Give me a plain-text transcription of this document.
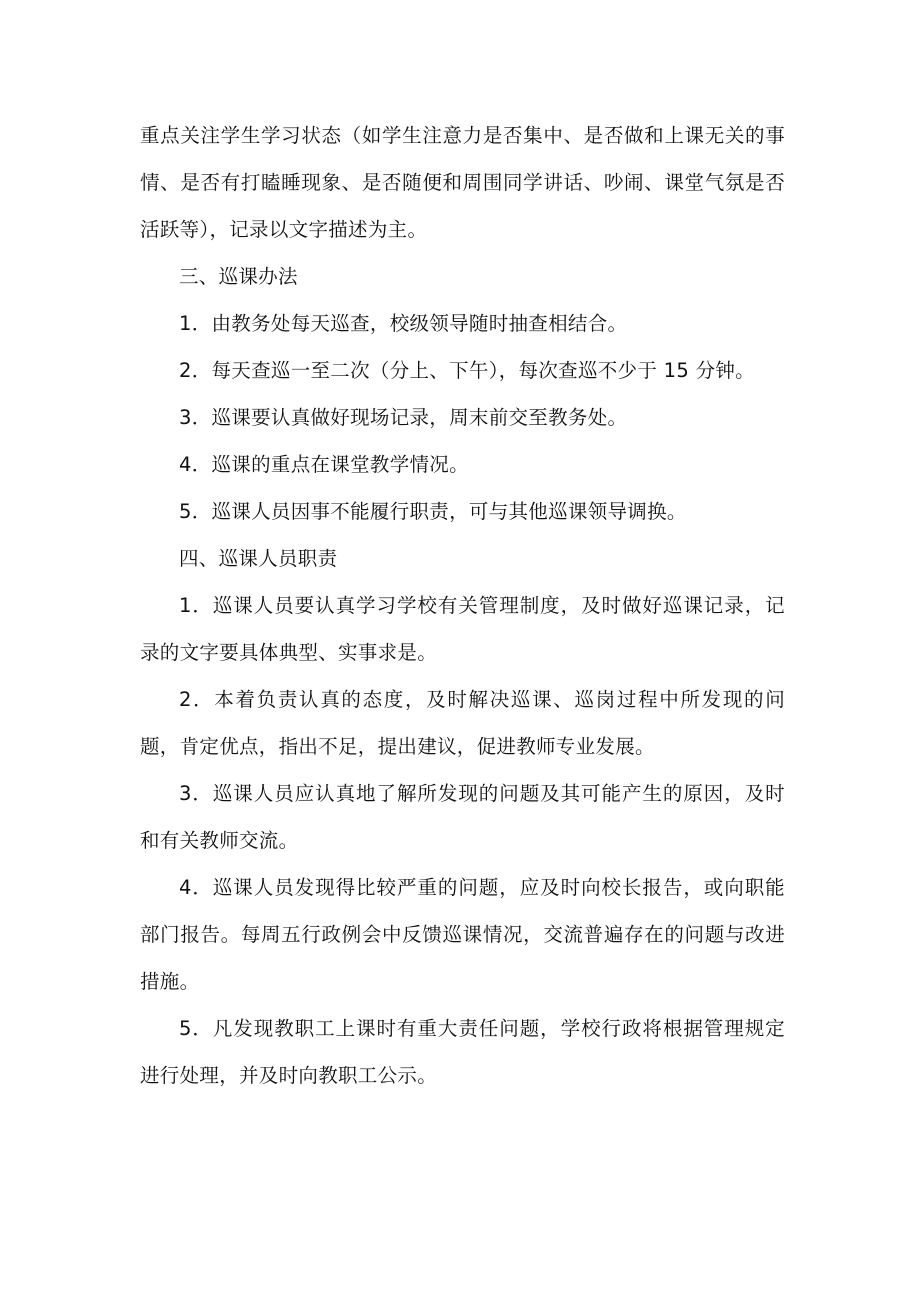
重点关注学生学习状态（如学生注意力是否集中、是否做和上课无关的事情、是否有打瞌睡现象、是否随便和周围同学讲话、吵闹、课堂气氛是否活跃等），记录以文字描述为主。

三、巡课办法

1．由教务处每天巡查，校级领导随时抽查相结合。

2．每天查巡一至二次（分上、下午），每次查巡不少于 15 分钟。

3．巡课要认真做好现场记录，周末前交至教务处。

4．巡课的重点在课堂教学情况。

5．巡课人员因事不能履行职责，可与其他巡课领导调换。

四、巡课人员职责

1．巡课人员要认真学习学校有关管理制度，及时做好巡课记录，记录的文字要具体典型、实事求是。

2．本着负责认真的态度，及时解决巡课、巡岗过程中所发现的问题，肯定优点，指出不足，提出建议，促进教师专业发展。

3．巡课人员应认真地了解所发现的问题及其可能产生的原因，及时和有关教师交流。

4．巡课人员发现得比较严重的问题，应及时向校长报告，或向职能部门报告。每周五行政例会中反馈巡课情况，交流普遍存在的问题与改进措施。

5．凡发现教职工上课时有重大责任问题，学校行政将根据管理规定进行处理，并及时向教职工公示。
